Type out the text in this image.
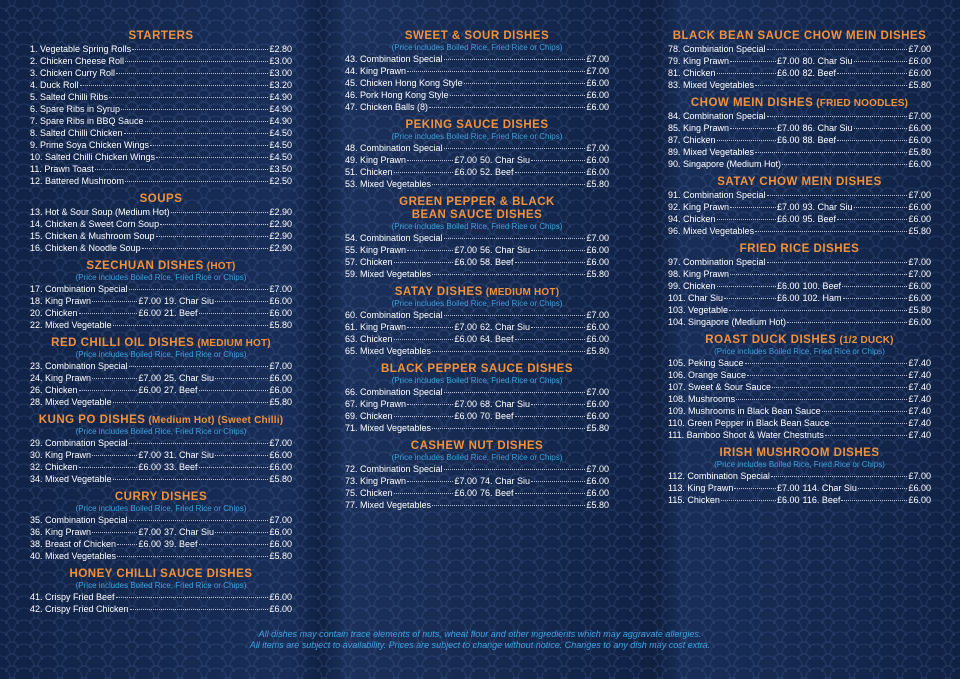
STARTERS
1. Vegetable Spring Rolls	£2.80
2. Chicken Cheese Roll	£3.00
3. Chicken Curry Roll	£3.00
4. Duck Roll	£3.20
5. Salted Chilli Ribs	£4.90
6. Spare Ribs in Syrup	£4.90
7. Spare Ribs in BBQ Sauce	£4.90
8. Salted Chilli Chicken	£4.50
9. Prime Soya Chicken Wings	£4.50
10. Salted Chilli Chicken Wings	£4.50
11. Prawn Toast	£3.50
12. Battered Mushroom	£2.50
SOUPS
13. Hot & Sour Soup (Medium Hot)	£2.90
14. Chicken & Sweet Corn Soup	£2.90
15. Chicken & Mushroom Soup	£2.90
16. Chicken & Noodle Soup	£2.90
SZECHUAN DISHES (HOT)
(Price includes Boiled Rice, Fried Rice or Chips)
17. Combination Special	£7.00
18. King Prawn	£7.00 19. Char Siu	£6.00
20. Chicken	£6.00 21. Beef	£6.00
22. Mixed Vegetable	£5.80
RED CHILLI OIL DISHES (MEDIUM HOT)
(Price includes Boiled Rice, Fried Rice or Chips)
23. Combination Special	£7.00
24. King Prawn	£7.00 25. Char Siu	£6.00
26. Chicken	£6.00 27. Beef	£6.00
28. Mixed Vegetable	£5.80
KUNG PO DISHES (Medium Hot) (Sweet Chilli)
(Price includes Boiled Rice, Fried Rice or Chips)
29. Combination Special	£7.00
30. King Prawn	£7.00 31. Char Siu	£6.00
32. Chicken	£6.00 33. Beef	£6.00
34. Mixed Vegetable	£5.80
CURRY DISHES
(Price includes Boiled Rice, Fried Rice or Chips)
35. Combination Special	£7.00
36. King Prawn	£7.00 37. Char Siu	£6.00
38. Breast of Chicken £6.00 39. Beef	£6.00
40. Mixed Vegetables	£5.80
HONEY CHILLI SAUCE DISHES
(Price includes Boiled Rice, Fried Rice or Chips)
41. Crispy Fried Beef	£6.00
42. Crispy Fried Chicken	£6.00
SWEET & SOUR DISHES
(Price includes Boiled Rice, Fried Rice or Chips)
43. Combination Special	£7.00
44. King Prawn	£7.00
45. Chicken Hong Kong Style	£6.00
46. Pork Hong Kong Style	£6.00
47. Chicken Balls (8)	£6.00
PEKING SAUCE DISHES
(Price includes Boiled Rice, Fried Rice or Chips)
48. Combination Special	£7.00
49. King Prawn	£7.00 50. Char Siu	£6.00
51. Chicken	£6.00 52. Beef	£6.00
53. Mixed Vegetables	£5.80
GREEN PEPPER & BLACK
BEAN SAUCE DISHES
(Price includes Boiled Rice, Fried Rice or Chips)
54. Combination Special	£7.00
55. King Prawn	£7.00 56. Char Siu	£6.00
57. Chicken	£6.00 58. Beef	£6.00
59. Mixed Vegetables	£5.80
SATAY DISHES (MEDIUM HOT)
(Price includes Boiled Rice, Fried Rice or Chips)
60. Combination Special	£7.00
61. King Prawn	£7.00 62. Char Siu	£6.00
63. Chicken	£6.00 64. Beef	£6.00
65. Mixed Vegetables	£5.80
BLACK PEPPER SAUCE DISHES
(Price includes Boiled Rice, Fried Rice or Chips)
66. Combination Special	£7.00
67. King Prawn	£7.00 68. Char Siu	£6.00
69. Chicken	£6.00 70. Beef	£6.00
71. Mixed Vegetables	£5.80
CASHEW NUT DISHES
(Price includes Boiled Rice, Fried Rice or Chips)
72. Combination Special	£7.00
73. King Prawn	£7.00 74. Char Siu	£6.00
75. Chicken	£6.00 76. Beef	£6.00
77. Mixed Vegetables	£5.80
BLACK BEAN SAUCE CHOW MEIN DISHES
78. Combination Special	£7.00
79. King Prawn	£7.00 80. Char Siu	£6.00
81. Chicken	£6.00 82. Beef	£6.00
83. Mixed Vegetables	£5.80
CHOW MEIN DISHES (FRIED NOODLES)
84. Combination Special	£7.00
85. King Prawn	£7.00 86. Char Siu	£6.00
87. Chicken	£6.00 88. Beef	£6.00
89. Mixed Vegetables	£5.80
90. Singapore (Medium Hot)	£6.00
SATAY CHOW MEIN DISHES
91. Combination Special	£7.00
92. King Prawn	£7.00 93. Char Siu	£6.00
94. Chicken	£6.00 95. Beef	£6.00
96. Mixed Vegetables	£5.80
FRIED RICE DISHES
97. Combination Special	£7.00
98. King Prawn	£7.00
99. Chicken	£6.00 100. Beef	£6.00
101. Char Siu	£6.00 102. Ham	£6.00
103. Vegetable	£5.80
104. Singapore (Medium Hot)	£6.00
ROAST DUCK DISHES (1/2 DUCK)
(Price includes Boiled Rice, Fried Rice or Chips)
105. Peking Sauce	£7.40
106. Orange Sauce	£7.40
107. Sweet & Sour Sauce	£7.40
108. Mushrooms	£7.40
109. Mushrooms in Black Bean Sauce	£7.40
110. Green Pepper in Black Bean Sauce	£7.40
111. Bamboo Shoot & Water Chestnuts	£7.40
IRISH MUSHROOM DISHES
(Price includes Boiled Rice, Fried Rice or Chips)
112. Combination Special	£7.00
113. King Prawn	£7.00 114. Char Siu	£6.00
115. Chicken	£6.00 116. Beef	£6.00
All dishes may contain trace elements of nuts, wheat flour and other ingredients which may aggravate allergies.
All items are subject to availability. Prices are subject to change without notice. Changes to any dish may cost extra.
